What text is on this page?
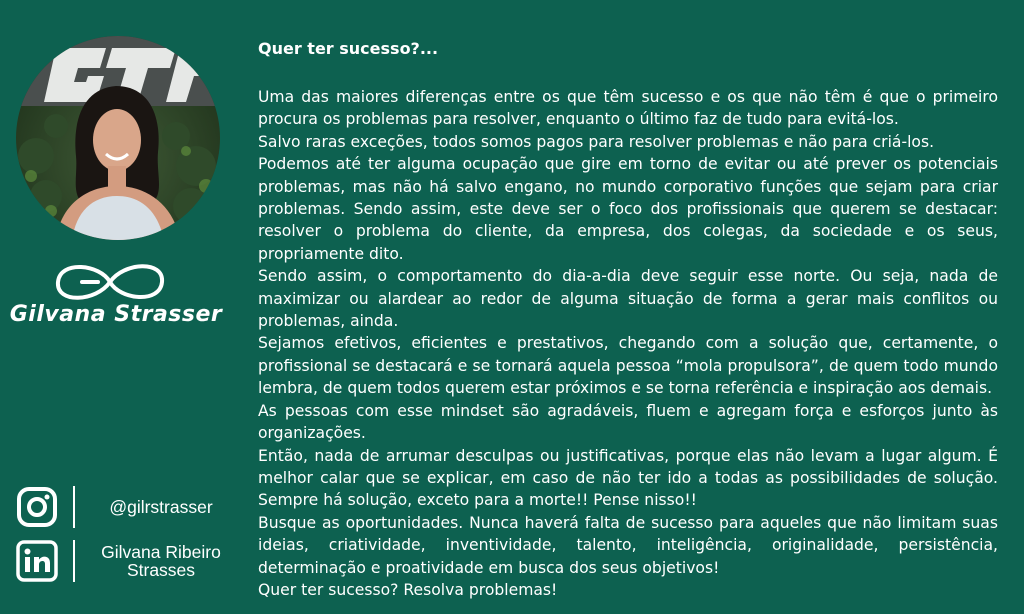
Gilvana Strasser
@gilrstrasser
Gilvana Ribeiro Strasses
Quer ter sucesso?...

Uma das maiores diferenças entre os que têm sucesso e os que não têm é que o primeiro procura os problemas para resolver, enquanto o último faz de tudo para evitá-los.

Salvo raras exceções, todos somos pagos para resolver problemas e não para criá-los.

Podemos até ter alguma ocupação que gire em torno de evitar ou até prever os potenciais problemas, mas não há salvo engano, no mundo corporativo funções que sejam para criar problemas. Sendo assim, este deve ser o foco dos profissionais que querem se destacar: resolver o problema do cliente, da empresa, dos colegas, da sociedade e os seus, propriamente dito.

Sendo assim, o comportamento do dia-a-dia deve seguir esse norte. Ou seja, nada de maximizar ou alardear ao redor de alguma situação de forma a gerar mais conflitos ou problemas, ainda.

Sejamos efetivos, eficientes e prestativos, chegando com a solução que, certamente, o profissional se destacará e se tornará aquela pessoa “mola propulsora”, de quem todo mundo lembra, de quem todos querem estar próximos e se torna referência e inspiração aos demais.

As pessoas com esse mindset são agradáveis, fluem e agregam força e esforços junto às organizações.

Então, nada de arrumar desculpas ou justificativas, porque elas não levam a lugar algum. É melhor calar que se explicar, em caso de não ter ido a todas as possibilidades de solução. Sempre há solução, exceto para a morte!! Pense nisso!!

Busque as oportunidades. Nunca haverá falta de sucesso para aqueles que não limitam suas ideias, criatividade, inventividade, talento, inteligência, originalidade, persistência, determinação e proatividade em busca dos seus objetivos!

Quer ter sucesso? Resolva problemas!
